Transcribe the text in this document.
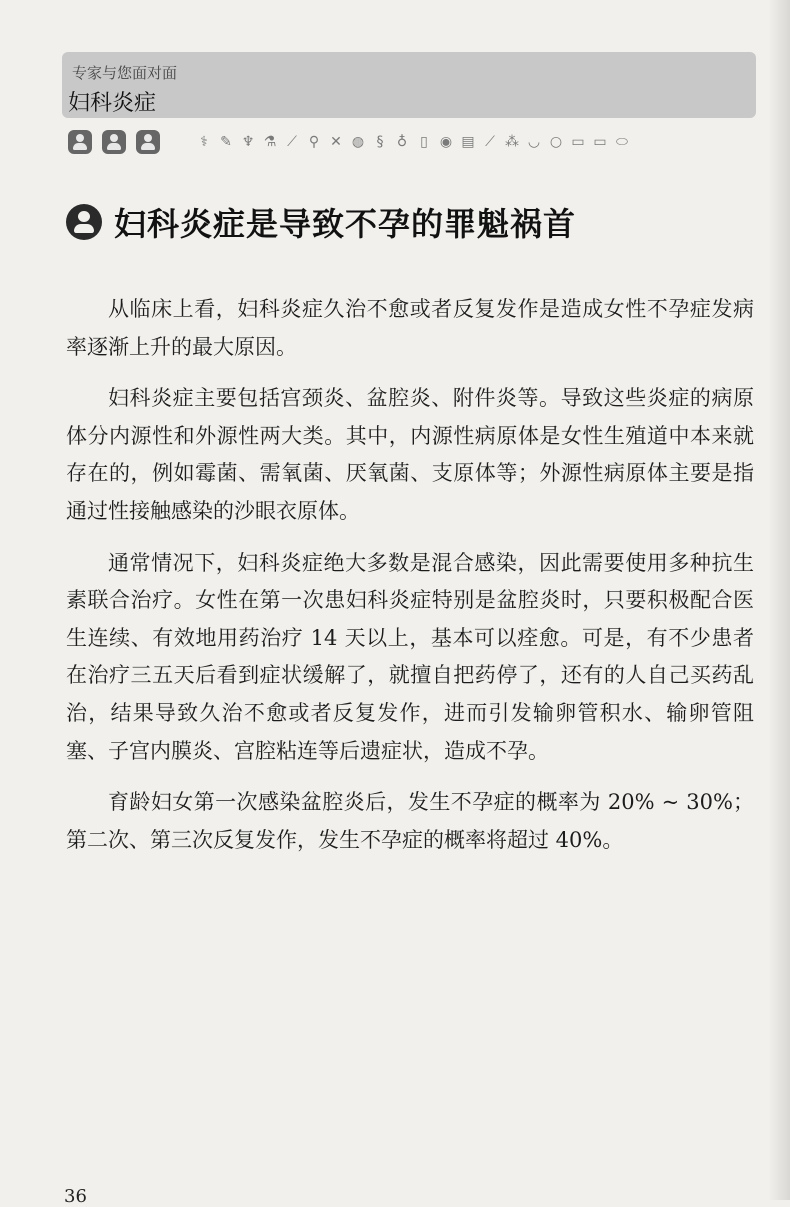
专家与您面对面
妇科炎症
⚕ ✎ ♆ ⚗ ⟋ ⚲ ✕ ◍ § ♁ ▯ ◉ ▤ ⟋ ⁂ ◡ ○ ▭ ▭ ⬭
妇科炎症是导致不孕的罪魁祸首

从临床上看，妇科炎症久治不愈或者反复发作是造成女性不孕症发病率逐渐上升的最大原因。

妇科炎症主要包括宫颈炎、盆腔炎、附件炎等。导致这些炎症的病原体分内源性和外源性两大类。其中，内源性病原体是女性生殖道中本来就存在的，例如霉菌、需氧菌、厌氧菌、支原体等；外源性病原体主要是指通过性接触感染的沙眼衣原体。

通常情况下，妇科炎症绝大多数是混合感染，因此需要使用多种抗生素联合治疗。女性在第一次患妇科炎症特别是盆腔炎时，只要积极配合医生连续、有效地用药治疗 14 天以上，基本可以痊愈。可是，有不少患者在治疗三五天后看到症状缓解了，就擅自把药停了，还有的人自己买药乱治，结果导致久治不愈或者反复发作，进而引发输卵管积水、输卵管阻塞、子宫内膜炎、宫腔粘连等后遗症状，造成不孕。

育龄妇女第一次感染盆腔炎后，发生不孕症的概率为 20% ~ 30%；第二次、第三次反复发作，发生不孕症的概率将超过 40%。

36
